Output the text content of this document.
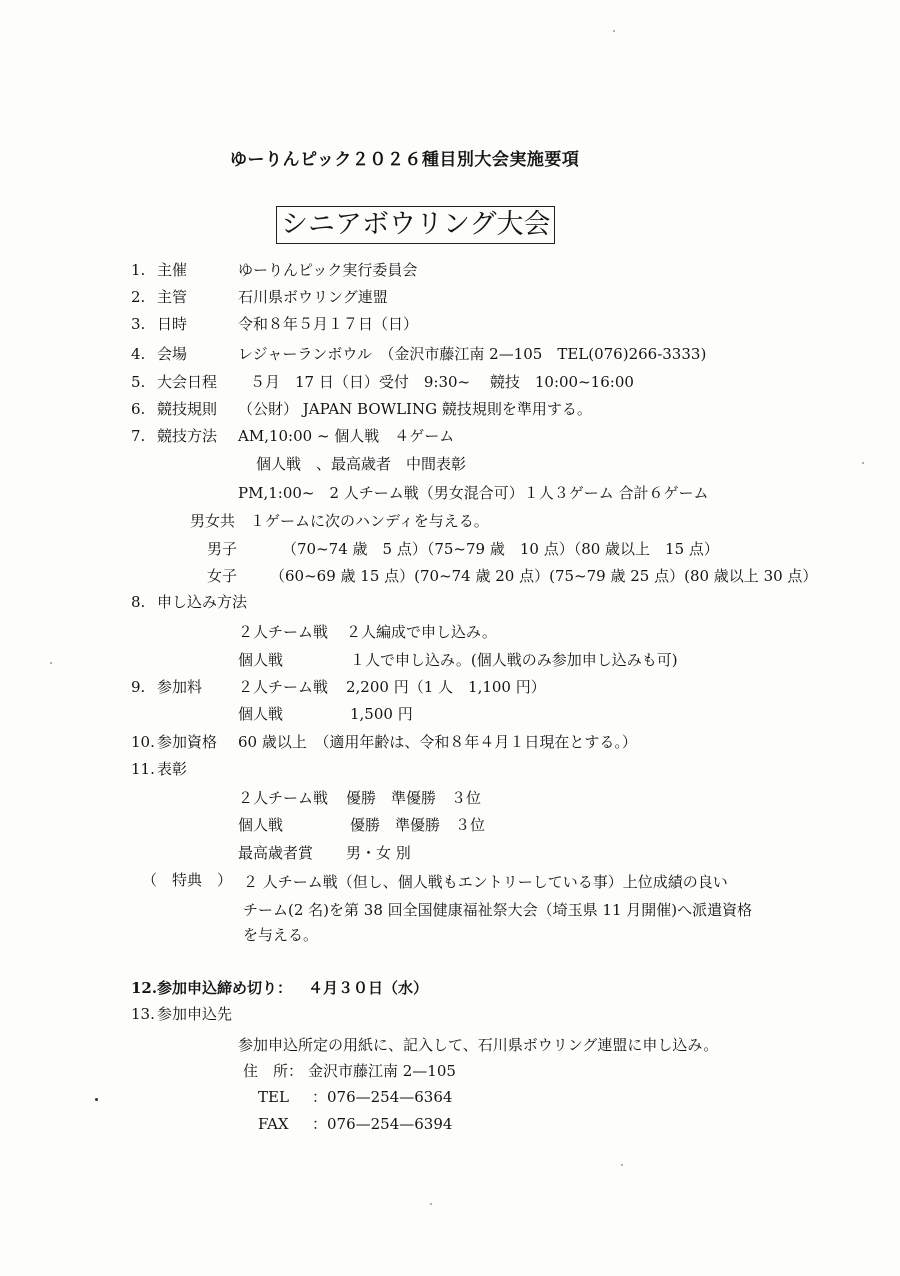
ゆーりんピック２０２６種目別大会実施要項
シニアボウリング大会
1. 主催	ゆーりんピック実行委員会
2. 主管	石川県ボウリング連盟
3. 日時	令和８年５月１７日（日）
4. 会場	レジャーランボウル　（金沢市藤江南 2—105　TEL(076)266-3333)
5. 大会日程 ５月　17 日（日）受付　9:30~　 競技　10:00~16:00
6. 競技規則 （公財） JAPAN BOWLING 競技規則を準用する。
7. 競技方法 AM,10:00 ~ 個人戦　４ゲーム
個人戦　、最高歳者　中間表彰
PM,1:00~　2 人チーム戦（男女混合可）１人３ゲーム 合計６ゲーム
男女共　１ゲームに次のハンディを与える。
男子	（70~74 歳　5 点）（75~79 歳　10 点）（80 歳以上　15 点）
女子 （60~69 歳 15 点）(70~74 歳 20 点）(75~79 歳 25 点）(80 歳以上 30 点）
8. 申し込み方法
２人チーム戦 ２人編成で申し込み。
個人戦	１人で申し込み。(個人戦のみ参加申し込みも可)
9. 参加料 ２人チーム戦 2,200 円（1 人　1,100 円）
個人戦	1,500 円
10. 参加資格 60 歳以上　（適用年齢は、令和８年４月１日現在とする。）
11. 表彰
２人チーム戦 優勝　準優勝　３位
個人戦	優勝　準優勝　３位
最高歳者賞 男・女 別
（　特典　） ２ 人チーム戦（但し、個人戦もエントリーしている事）上位成績の良い
チーム(2 名)を第 38 回全国健康福祉祭大会（埼玉県 11 月開催)へ派遣資格
を与える。
12. 参加申込締め切り： ４月３０日（水）
13. 参加申込先
参加申込所定の用紙に、記入して、石川県ボウリング連盟に申し込み。
住　所： 金沢市藤江南 2—105
TEL ：076—254—6364
FAX ：076—254—6394
